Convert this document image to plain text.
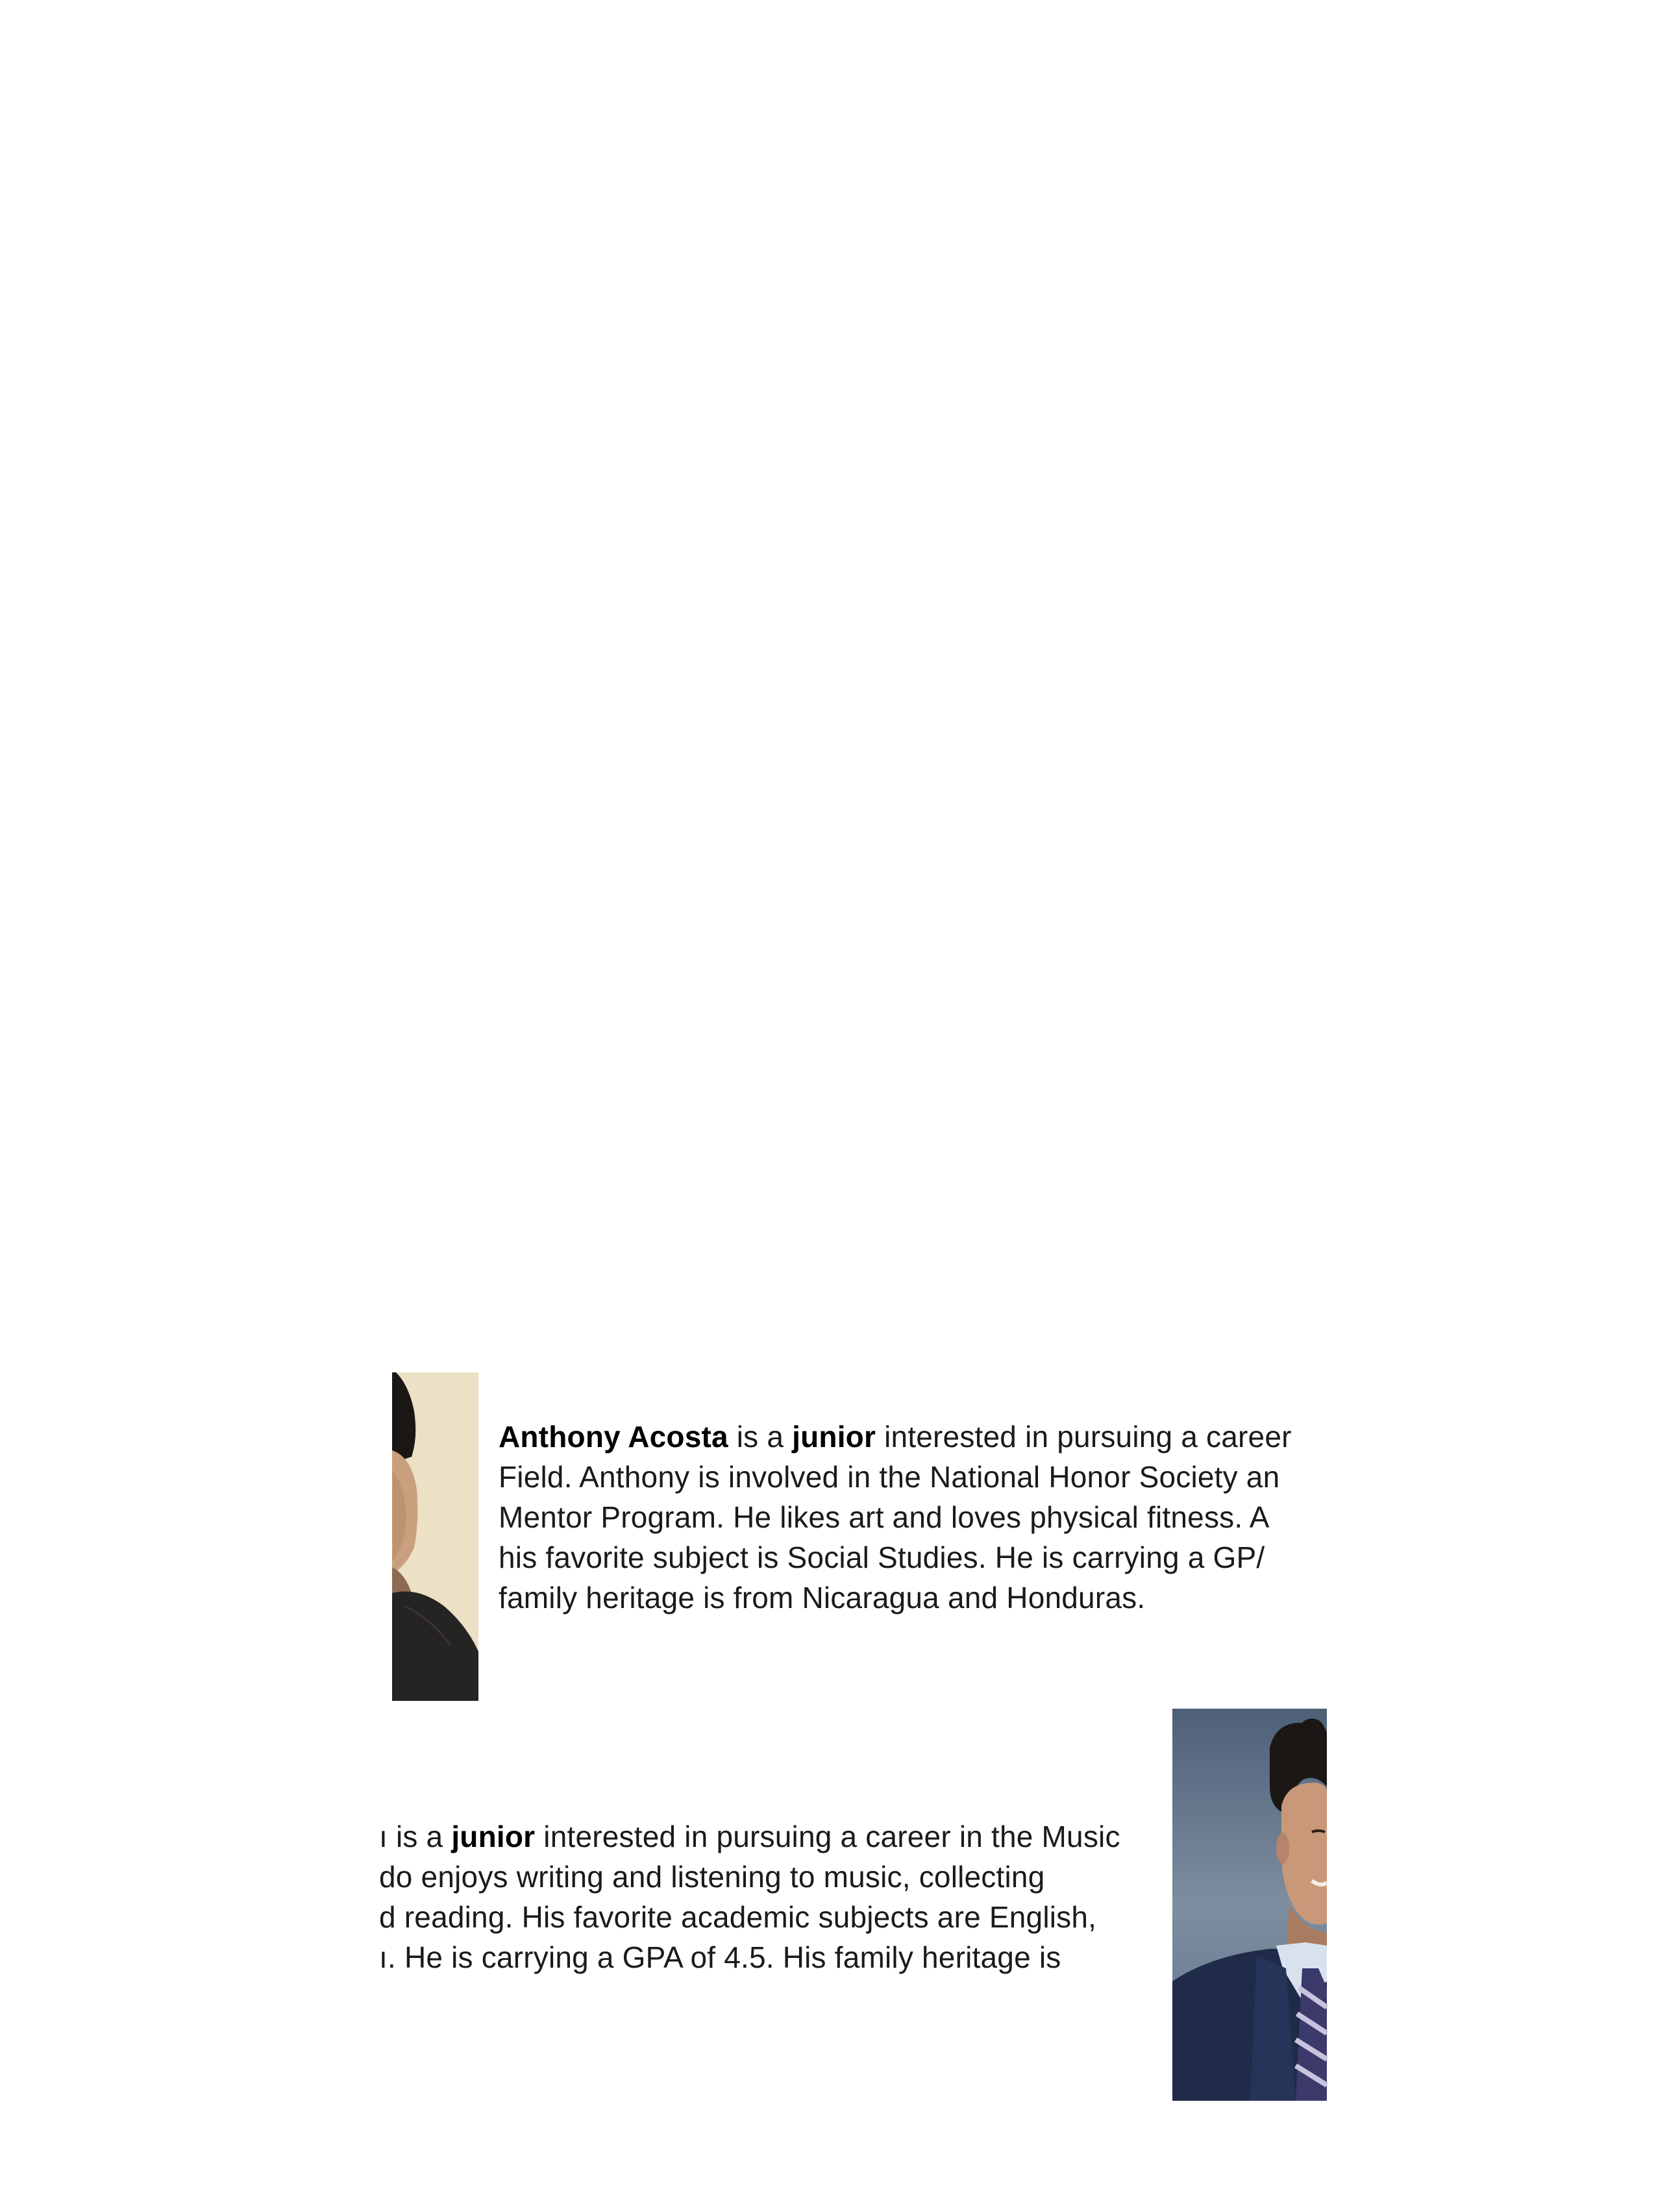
Anthony Acosta is a junior interested in pursuing a career
Field. Anthony is involved in the National Honor Society an
Mentor Program. He likes art and loves physical fitness. A
his favorite subject is Social Studies. He is carrying a GP/
family heritage is from Nicaragua and Honduras.
ı is a junior interested in pursuing a career in the Music
do enjoys writing and listening to music, collecting
d reading. His favorite academic subjects are English,
ı. He is carrying a GPA of 4.5. His family heritage is
